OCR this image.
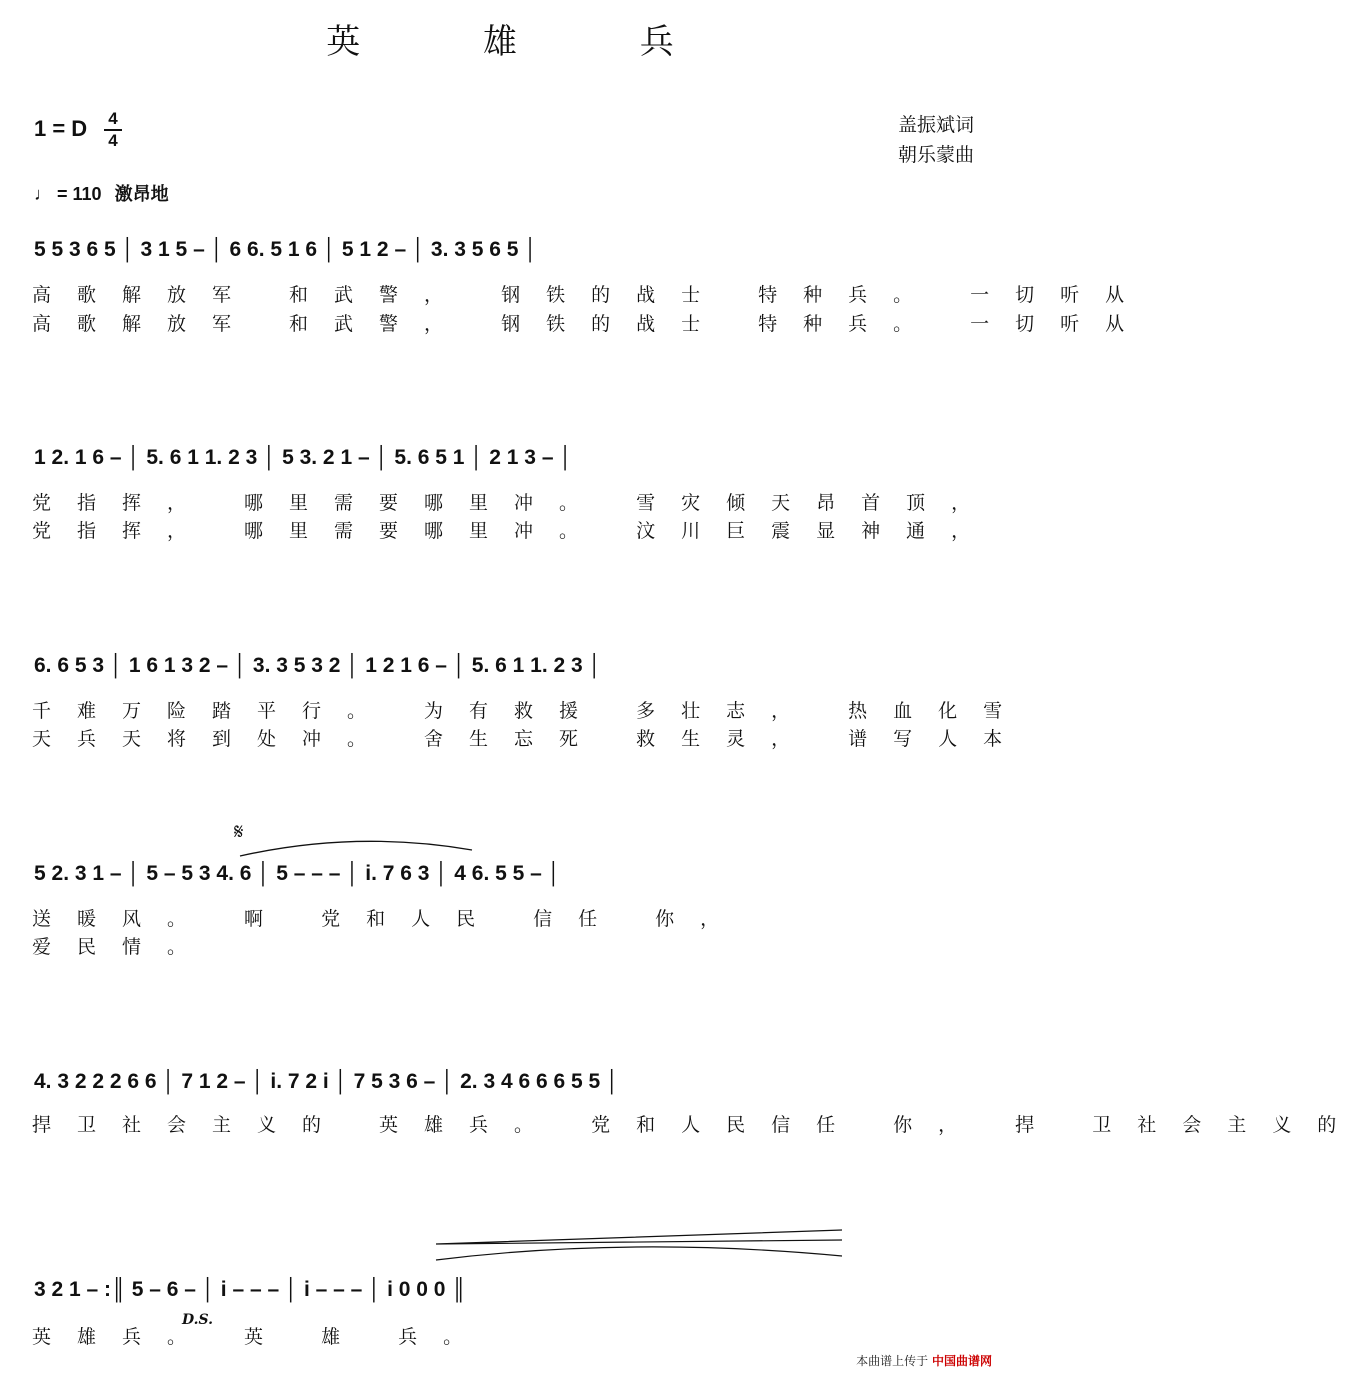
英 雄 兵
1 = D 4
4
盖振斌词
朝乐蒙曲
♩ = 110 激昂地
5 5 3 6 5 │ 3 1 5 – │ 6 6. 5 1 6 │ 5 1 2 – │ 3. 3 5 6 5 │
高歌解放军 和武警， 钢铁的战士 特种兵。 一切听从
高歌解放军 和武警， 钢铁的战士 特种兵。 一切听从
1 2. 1 6 – │ 5. 6 1 1. 2 3 │ 5 3. 2 1 – │ 5. 6 5 1 │ 2 1 3 – │
党指挥， 哪里需要哪里冲。 雪灾倾天昂首顶，
党指挥， 哪里需要哪里冲。 汶川巨震显神通，
6. 6 5 3 │ 1 6 1 3 2 – │ 3. 3 5 3 2 │ 1 2 1 6 – │ 5. 6 1 1. 2 3 │
千难万险踏平行。 为有救援 多壮志， 热血化雪
天兵天将到处冲。 舍生忘死 救生灵， 谱写人本
𝄋
5 2. 3 1 – │ 5 – 5 3 4. 6 │ 5 – – – │ i. 7 6 3 │ 4 6. 5 5 – │
送暖风。 啊 党和人民 信任 你，
爱民情。
4. 3 2 2 2 6 6 │ 7 1 2 – │ i. 7 2 i │ 7 5 3 6 – │ 2. 3 4 6 6 6 5 5 │
捍卫社会主义的 英雄兵。 党和人民信任 你， 捍 卫社会主义的
3 2 1 – :║ 5 – 6 – │ i – – – │ i – – – │ i 0 0 0 ║
D.S.
英雄兵。 英 雄 兵。
本曲谱上传于 中国曲谱网
